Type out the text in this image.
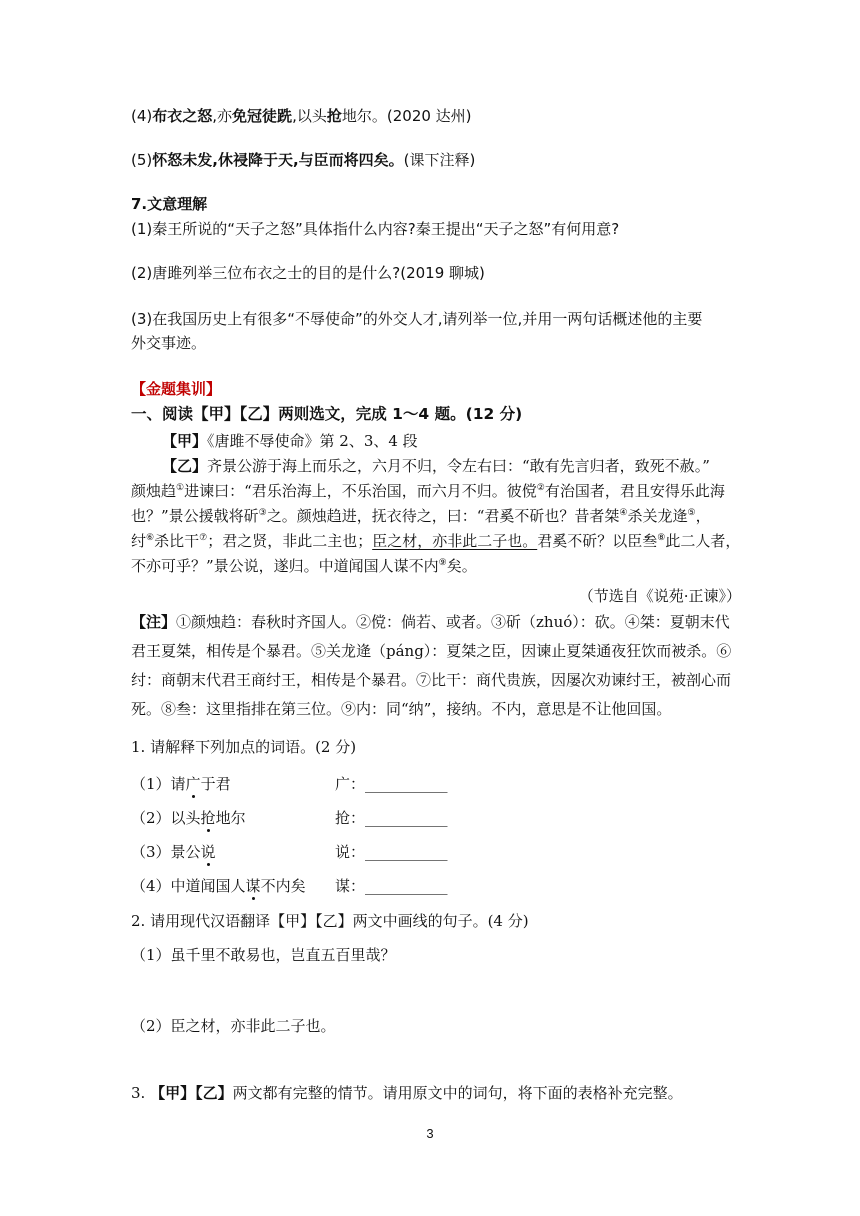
(4)布衣之怒,亦免冠徒跣,以头抢地尔。(2020 达州)
(5)怀怒未发,休祲降于天,与臣而将四矣。(课下注释)
7.文意理解
(1)秦王所说的“天子之怒”具体指什么内容?秦王提出“天子之怒”有何用意?
(2)唐雎列举三位布衣之士的目的是什么?(2019 聊城)
(3)在我国历史上有很多“不辱使命”的外交人才,请列举一位,并用一两句话概述他的主要
外交事迹。
【金题集训】
一、阅读【甲】【乙】两则选文，完成 1～4 题。(12 分)
【甲】《唐雎不辱使命》第 2、3、4 段
【乙】齐景公游于海上而乐之，六月不归，令左右曰：“敢有先言归者，致死不赦。”
颜烛趋①进谏曰：“君乐治海上，不乐治国，而六月不归。彼傥②有治国者，君且安得乐此海
也？”景公援戟将斫③之。颜烛趋进，抚衣待之，曰：“君奚不斫也？昔者桀④杀关龙逄⑤，
纣⑥杀比干⑦；君之贤，非此二主也；臣之材，亦非此二子也。君奚不斫？以臣叁⑧此二人者，
不亦可乎？”景公说，遂归。中道闻国人谋不内⑨矣。
（节选自《说苑·正谏》）
【注】①颜烛趋：春秋时齐国人。②傥：倘若、或者。③斫（zhuó）：砍。④桀：夏朝末代
君王夏桀，相传是个暴君。⑤关龙逄（páng）：夏桀之臣，因谏止夏桀通夜狂饮而被杀。⑥
纣：商朝末代君王商纣王，相传是个暴君。⑦比干：商代贵族，因屡次劝谏纣王，被剖心而
死。⑧叁：这里指排在第三位。⑨内：同“纳”，接纳。不内，意思是不让他回国。
1. 请解释下列加点的词语。(2 分)
（1）请广于君	广：___________
（2）以头抢地尔	抢：___________
（3）景公说	说：___________
（4）中道闻国人谋不内矣 谋：___________
2. 请用现代汉语翻译【甲】【乙】两文中画线的句子。(4 分)
（1）虽千里不敢易也，岂直五百里哉？
（2）臣之材，亦非此二子也。
3. 【甲】【乙】两文都有完整的情节。请用原文中的词句，将下面的表格补充完整。
3
